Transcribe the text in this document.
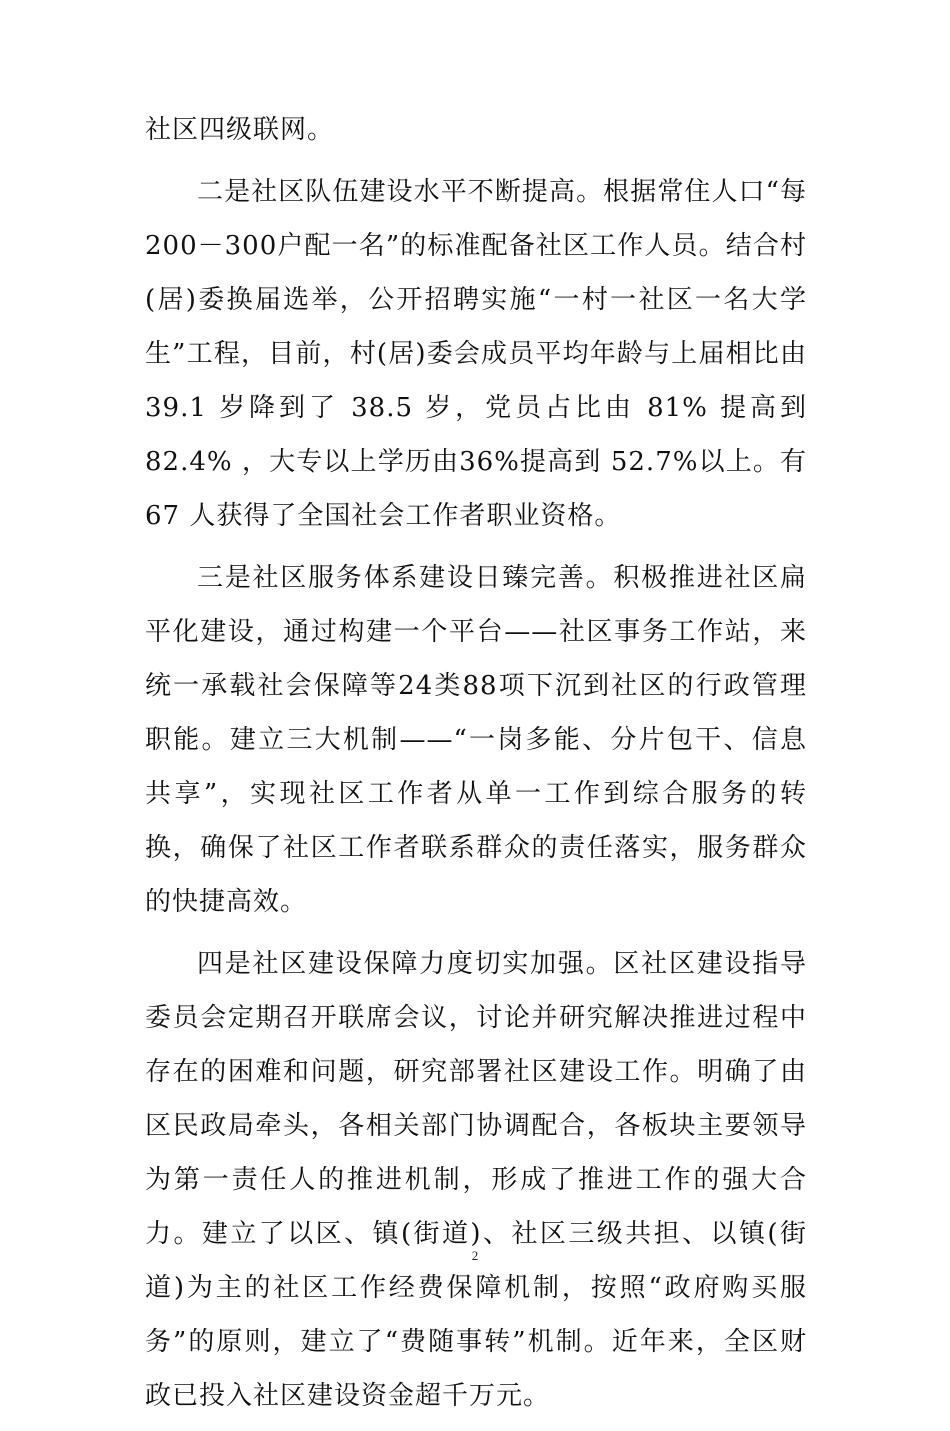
社区四级联网。

二是社区队伍建设水平不断提高。根据常住人口“每200－300户配一名”的标准配备社区工作人员。结合村(居)委换届选举，公开招聘实施“一村一社区一名大学生”工程，目前，村(居)委会成员平均年龄与上届相比由 39.1 岁降到了 38.5 岁，党员占比由 81% 提高到 82.4% ，大专以上学历由36%提高到 52.7%以上。有 67 人获得了全国社会工作者职业资格。

三是社区服务体系建设日臻完善。积极推进社区扁平化建设，通过构建一个平台——社区事务工作站，来统一承载社会保障等24类88项下沉到社区的行政管理职能。建立三大机制——“一岗多能、分片包干、信息共享”，实现社区工作者从单一工作到综合服务的转换，确保了社区工作者联系群众的责任落实，服务群众的快捷高效。

四是社区建设保障力度切实加强。区社区建设指导委员会定期召开联席会议，讨论并研究解决推进过程中存在的困难和问题，研究部署社区建设工作。明确了由区民政局牵头，各相关部门协调配合，各板块主要领导为第一责任人的推进机制，形成了推进工作的强大合力。建立了以区、镇(街道)、社区三级共担、以镇(街道)为主的社区工作经费保障机制，按照“政府购买服务”的原则，建立了“费随事转”机制。近年来，全区财政已投入社区建设资金超千万元。

2
